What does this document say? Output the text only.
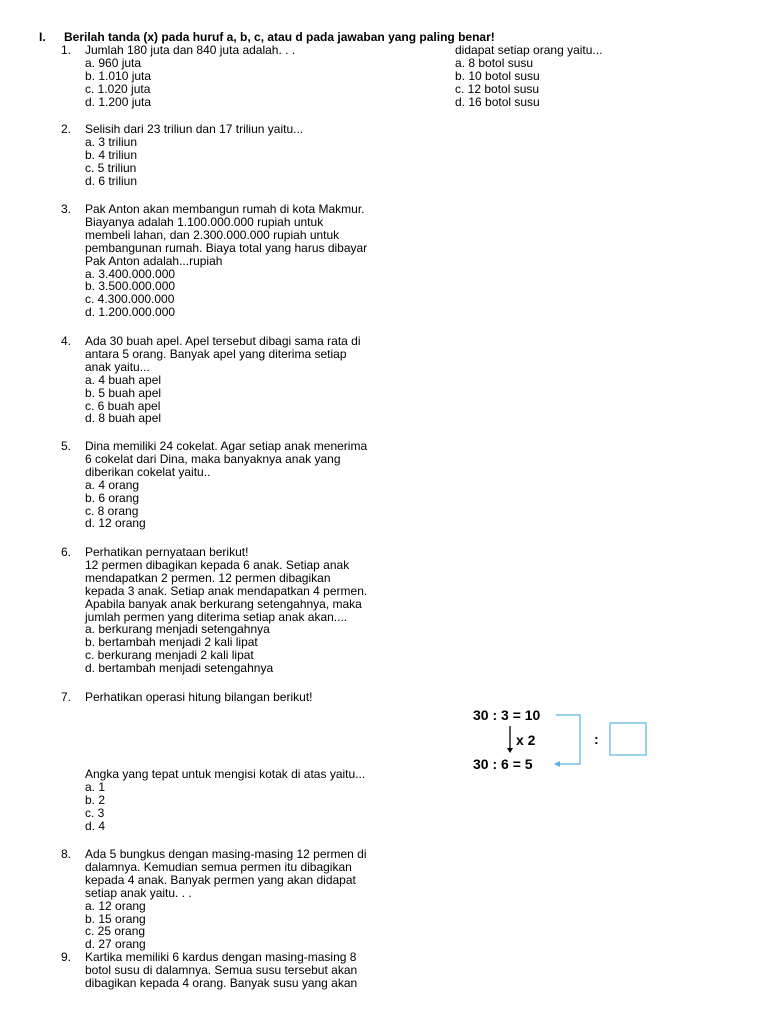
I. Berilah tanda (x) pada huruf a, b, c, atau d pada jawaban yang paling benar!
1. Jumlah 180 juta dan 840 juta adalah. . .
a. 960 juta
b. 1.010 juta
c. 1.020 juta
d. 1.200 juta
2. Selisih dari 23 triliun dan 17 triliun yaitu...
a. 3 triliun
b. 4 triliun
c. 5 triliun
d. 6 triliun
3. Pak Anton akan membangun rumah di kota Makmur.
Biayanya adalah 1.100.000.000 rupiah untuk
membeli lahan, dan 2.300.000.000 rupiah untuk
pembangunan rumah. Biaya total yang harus dibayar
Pak Anton adalah...rupiah
a. 3.400.000.000
b. 3.500.000.000
c. 4.300.000.000
d. 1.200.000.000
4. Ada 30 buah apel. Apel tersebut dibagi sama rata di
antara 5 orang. Banyak apel yang diterima setiap
anak yaitu...
a. 4 buah apel
b. 5 buah apel
c. 6 buah apel
d. 8 buah apel
5. Dina memiliki 24 cokelat. Agar setiap anak menerima
6 cokelat dari Dina, maka banyaknya anak yang
diberikan cokelat yaitu..
a. 4 orang
b. 6 orang
c. 8 orang
d. 12 orang
6. Perhatikan pernyataan berikut!
12 permen dibagikan kepada 6 anak. Setiap anak
mendapatkan 2 permen. 12 permen dibagikan
kepada 3 anak. Setiap anak mendapatkan 4 permen.
Apabila banyak anak berkurang setengahnya, maka
jumlah permen yang diterima setiap anak akan....
a. berkurang menjadi setengahnya
b. bertambah menjadi 2 kali lipat
c. berkurang menjadi 2 kali lipat
d. bertambah menjadi setengahnya
7. Perhatikan operasi hitung bilangan berikut!
Angka yang tepat untuk mengisi kotak di atas yaitu...
a. 1
b. 2
c. 3
d. 4
8. Ada 5 bungkus dengan masing-masing 12 permen di
dalamnya. Kemudian semua permen itu dibagikan
kepada 4 anak. Banyak permen yang akan didapat
setiap anak yaitu. . .
a. 12 orang
b. 15 orang
c. 25 orang
d. 27 orang
9. Kartika memiliki 6 kardus dengan masing-masing 8
botol susu di dalamnya. Semua susu tersebut akan
dibagikan kepada 4 orang. Banyak susu yang akan
didapat setiap orang yaitu...
a. 8 botol susu
b. 10 botol susu
c. 12 botol susu
d. 16 botol susu
30 : 3 = 10
x 2
30 : 6 = 5
:
